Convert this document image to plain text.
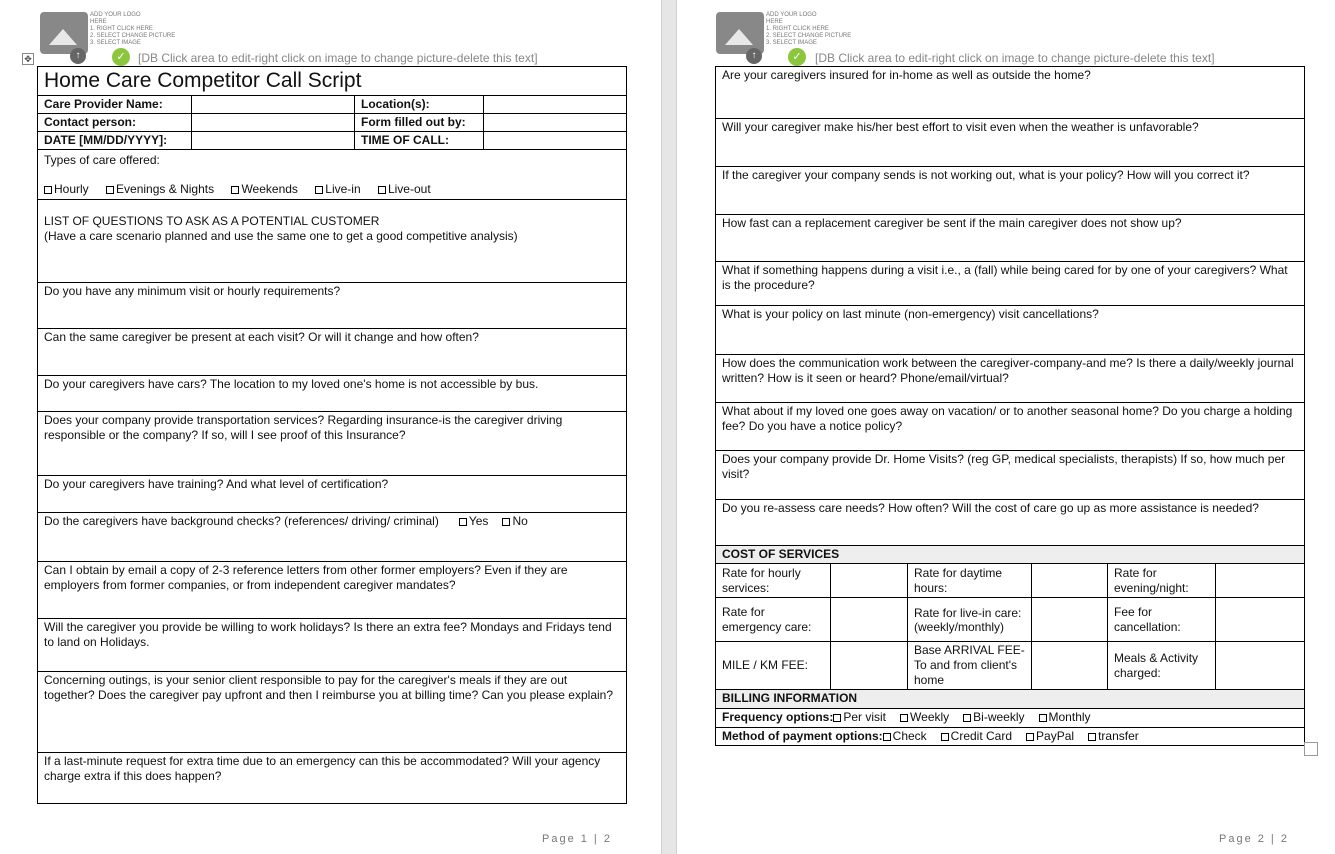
ADD YOUR LOGO
HERE
1. RIGHT CLICK HERE
2. SELECT CHANGE PICTURE
3. SELECT IMAGE
↑	✓	[DB Click area to edit-right click on image to change picture-delete this text]
✥
Home Care Competitor Call Script			
Care Provider Name:		Location(s):	
Contact person:		Form filled out by:	
DATE [MM/DD/YYYY]:		TIME OF CALL:	

Types of care offered:
Hourly Evenings & Nights Weekends Live-in Live-out			

LIST OF QUESTIONS TO ASK AS A POTENTIAL CUSTOMER
(Have a care scenario planned and use the same one to get a good competitive analysis)			

Do you have any minimum visit or hourly requirements?			
Can the same caregiver be present at each visit? Or will it change and how often?			
Do your caregivers have cars? The location to my loved one's home is not accessible by bus.			
Does your company provide transportation services? Regarding insurance-is the caregiver driving responsible or the company? If so, will I see proof of this Insurance?			
Do your caregivers have training? And what level of certification?			
Do the caregivers have background checks? (references/ driving/ criminal) Yes No			
Can I obtain by email a copy of 2-3 reference letters from other former employers? Even if they are employers from former companies, or from independent caregiver mandates?			
Will the caregiver you provide be willing to work holidays? Is there an extra fee? Mondays and Fridays tend to land on Holidays.			
Concerning outings, is your senior client responsible to pay for the caregiver's meals if they are out together? Does the caregiver pay upfront and then I reimburse you at billing time? Can you please explain?			
If a last-minute request for extra time due to an emergency can this be accommodated? Will your agency charge extra if this does happen?			
Page 1 | 2
ADD YOUR LOGO
HERE
1. RIGHT CLICK HERE
2. SELECT CHANGE PICTURE
3. SELECT IMAGE
↑	✓	[DB Click area to edit-right click on image to change picture-delete this text]
Are your caregivers insured for in-home as well as outside the home?					
Will your caregiver make his/her best effort to visit even when the weather is unfavorable?					
If the caregiver your company sends is not working out, what is your policy? How will you correct it?					
How fast can a replacement caregiver be sent if the main caregiver does not show up?					
What if something happens during a visit i.e., a (fall) while being cared for by one of your caregivers? What is the procedure?					
What is your policy on last minute (non-emergency) visit cancellations?					
How does the communication work between the caregiver-company-and me? Is there a daily/weekly journal written? How is it seen or heard? Phone/email/virtual?					
What about if my loved one goes away on vacation/ or to another seasonal home? Do you charge a holding fee? Do you have a notice policy?					
Does your company provide Dr. Home Visits? (reg GP, medical specialists, therapists) If so, how much per visit?					
Do you re-assess care needs? How often? Will the cost of care go up as more assistance is needed?					
COST OF SERVICES					
Rate for hourly services:		Rate for daytime hours:		Rate for evening/night:	
Rate for emergency care:		Rate for live-in care: (weekly/monthly)		Fee for cancellation:	
MILE / KM FEE:		Base ARRIVAL FEE-To and from client's home		Meals & Activity charged:	
BILLING INFORMATION					
Frequency options: Per visit Weekly Bi-weekly Monthly					
Method of payment options: Check Credit Card PayPal transfer					
Page 2 | 2
